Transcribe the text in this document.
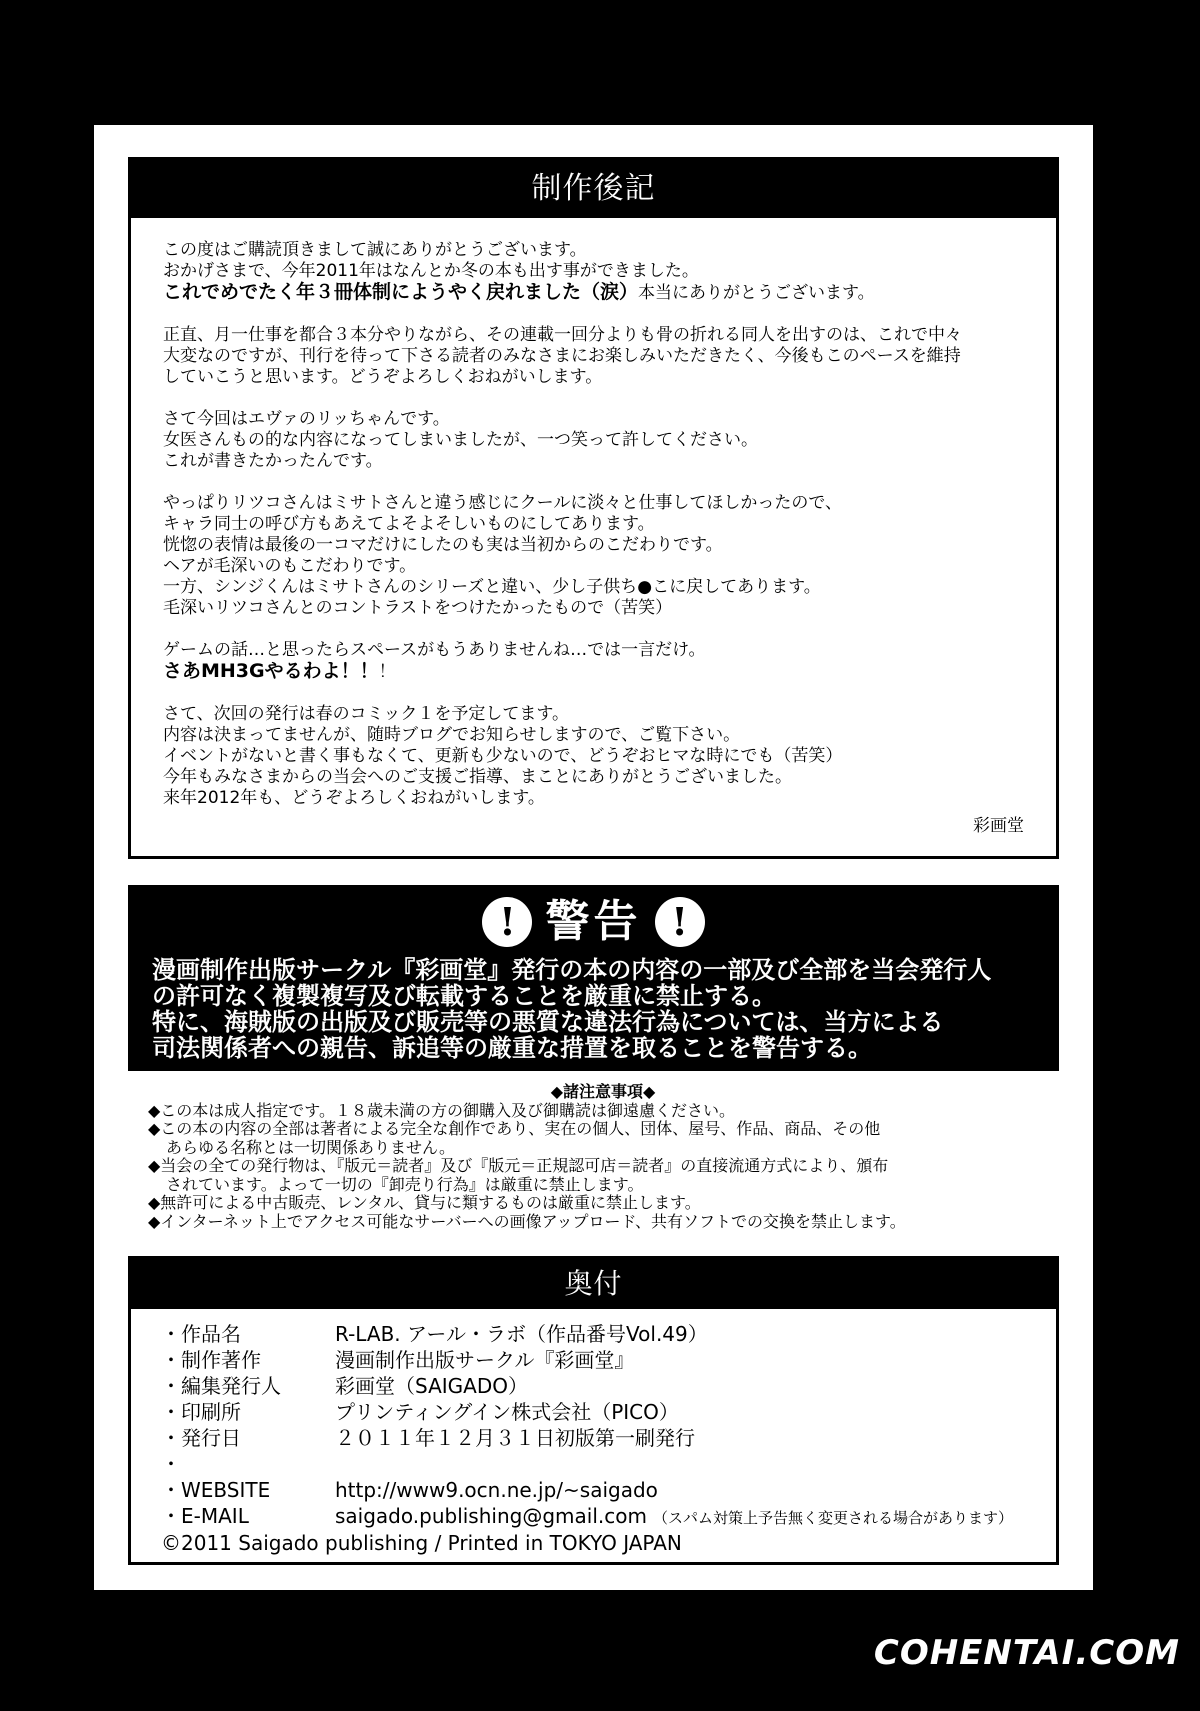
制作後記

この度はご購読頂きまして誠にありがとうございます。
おかげさまで、今年2011年はなんとか冬の本も出す事ができました。
これでめでたく年３冊体制にようやく戻れました（涙）本当にありがとうございます。

正直、月一仕事を都合３本分やりながら、その連載一回分よりも骨の折れる同人を出すのは、これで中々
大変なのですが、刊行を待って下さる読者のみなさまにお楽しみいただきたく、今後もこのペースを維持
していこうと思います。どうぞよろしくおねがいします。

さて今回はエヴァのリッちゃんです。
女医さんもの的な内容になってしまいましたが、一つ笑って許してください。
これが書きたかったんです。

やっぱりリツコさんはミサトさんと違う感じにクールに淡々と仕事してほしかったので、
キャラ同士の呼び方もあえてよそよそしいものにしてあります。
恍惚の表情は最後の一コマだけにしたのも実は当初からのこだわりです。
ヘアが毛深いのもこだわりです。
一方、シンジくんはミサトさんのシリーズと違い、少し子供ち●こに戻してあります。
毛深いリツコさんとのコントラストをつけたかったもので（苦笑）

ゲームの話…と思ったらスペースがもうありませんね…では一言だけ。
さあMH3Gやるわよ！！！

さて、次回の発行は春のコミック１を予定してます。
内容は決まってませんが、随時ブログでお知らせしますので、ご覧下さい。
イベントがないと書く事もなくて、更新も少ないので、どうぞおヒマな時にでも（苦笑）
今年もみなさまからの当会へのご支援ご指導、まことにありがとうございました。
来年2012年も、どうぞよろしくおねがいします。

彩画堂
! 警告 !
漫画制作出版サークル『彩画堂』発行の本の内容の一部及び全部を当会発行人
の許可なく複製複写及び転載することを厳重に禁止する。
特に、海賊版の出版及び販売等の悪質な違法行為については、当方による
司法関係者への親告、訴追等の厳重な措置を取ることを警告する。
◆諸注意事項◆
◆この本は成人指定です。１８歳未満の方の御購入及び御購読は御遠慮ください。
◆この本の内容の全部は著者による完全な創作であり、実在の個人、団体、屋号、作品、商品、その他
あらゆる名称とは一切関係ありません。
◆当会の全ての発行物は、『版元＝読者』及び『版元＝正規認可店＝読者』の直接流通方式により、頒布
されています。よって一切の『卸売り行為』は厳重に禁止します。
◆無許可による中古販売、レンタル、貸与に類するものは厳重に禁止します。
◆インターネット上でアクセス可能なサーバーへの画像アップロード、共有ソフトでの交換を禁止します。
奥付
・作品名	R-LAB. アール・ラボ（作品番号Vol.49）
・制作著作	漫画制作出版サークル『彩画堂』
・編集発行人	彩画堂（SAIGADO）
・印刷所	プリンティングイン株式会社（PICO）
・発行日	２０１１年１２月３１日初版第一刷発行
・
・WEBSITE	http://www9.ocn.ne.jp/~saigado
・E-MAIL	saigado.publishing@gmail.com （スパム対策上予告無く変更される場合があります）
©2011 Saigado publishing / Printed in TOKYO JAPAN
30
COHENTAI.COM
